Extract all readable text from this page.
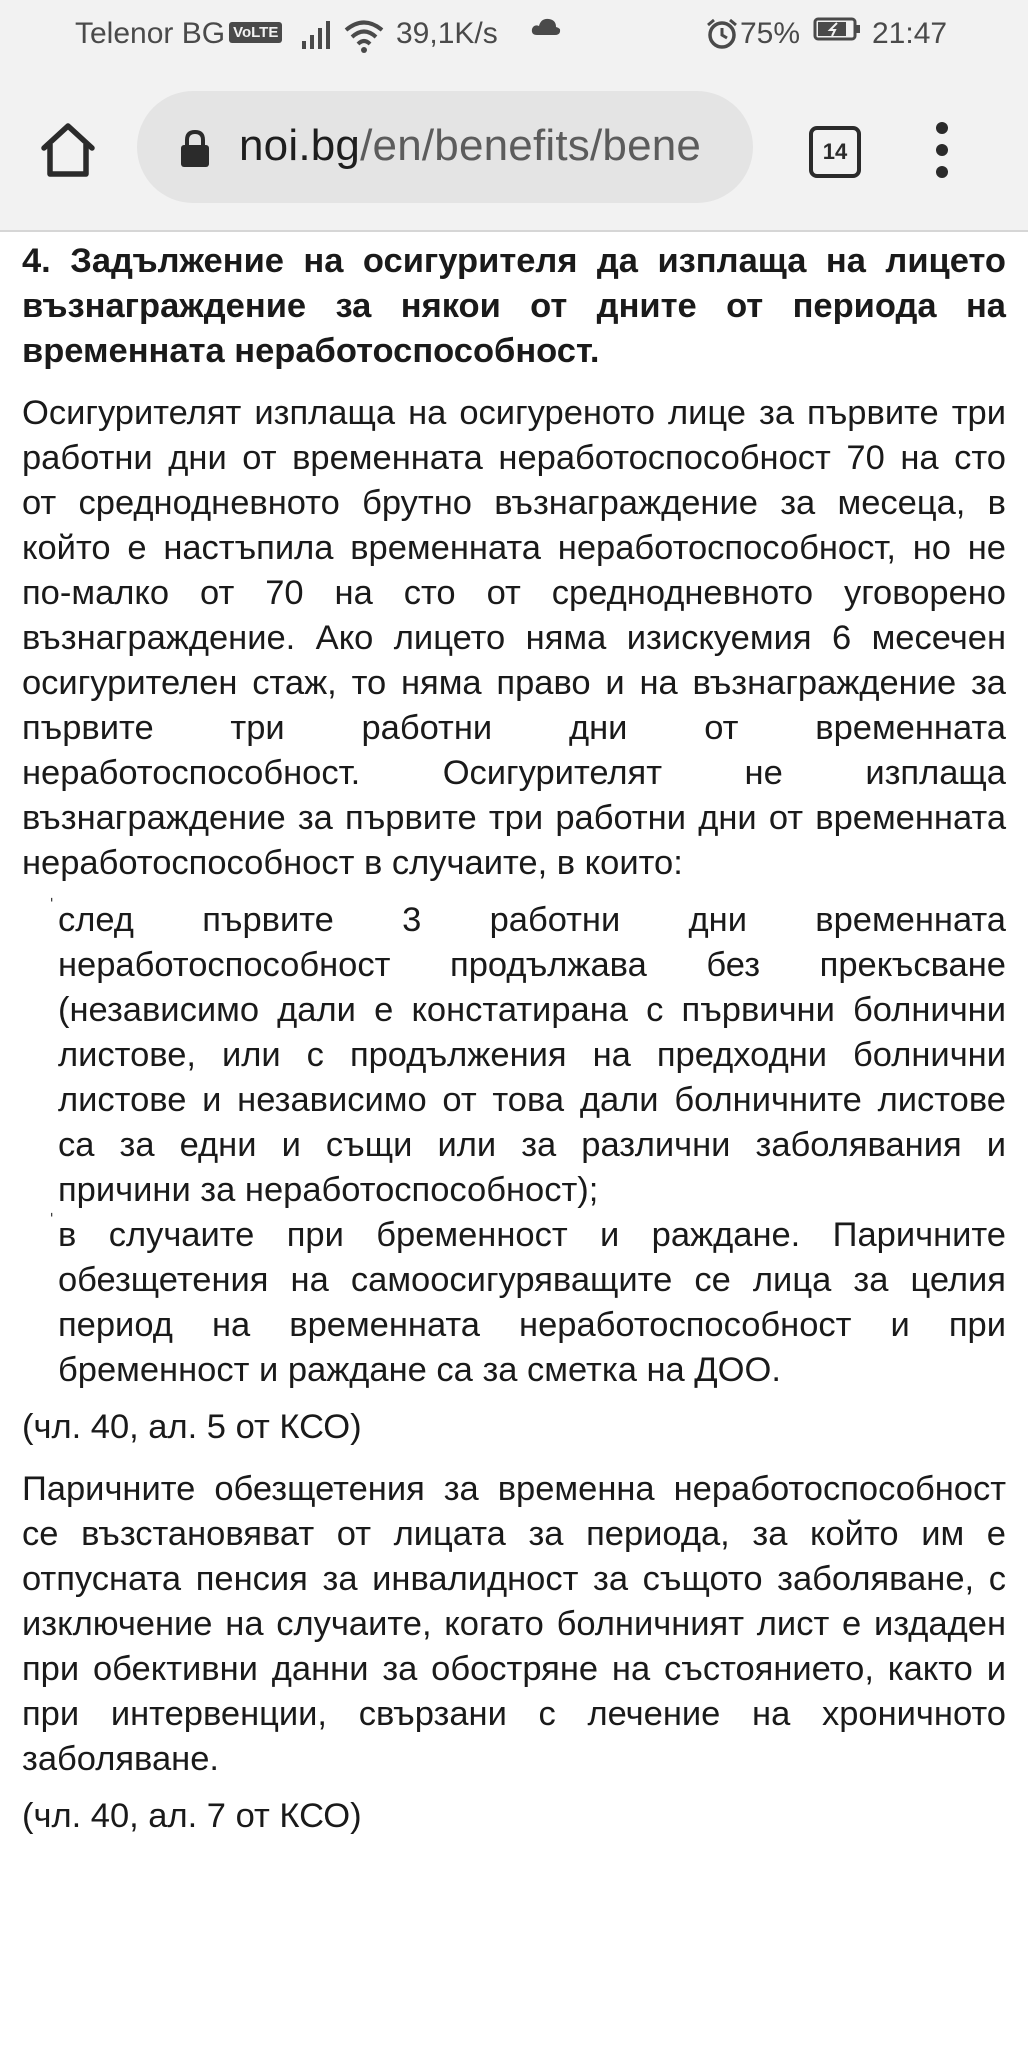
Telenor BG VoLTE	39,1K/s	75% 21:47
noi.bg/en/benefits/bene	14

4. Задължение на осигурителя да изплаща на лицето възнаграждение за някои от дните от периода на временната неработоспособност.

Осигурителят изплаща на осигуреното лице за първите три работни дни от временната неработоспособност 70 на сто от среднодневното брутно възнаграждение за месеца, в който е настъпила временната неработоспособност, но не по-малко от 70 на сто от среднодневното уговорено възнаграждение. Ако лицето няма изискуемия 6 месечен осигурителен стаж, то няма право и на възнаграждение за първите три работни дни от временната неработоспособност. Осигурителят не изплаща възнаграждение за първите три работни дни от временната неработоспособност в случаите, в които:

ˈ след първите 3 работни дни временната неработоспособност продължава без прекъсване (независимо дали е констатирана с първични болнични листове, или с продължения на предходни болнични листове и независимо от това дали болничните листове са за едни и същи или за различни заболявания и причини за неработоспособност);
ˈ в случаите при бременност и раждане. Паричните обезщетения на самоосигуряващите се лица за целия период на временната неработоспособност и при бременност и раждане са за сметка на ДОО.

(чл. 40, ал. 5 от КСО)

Паричните обезщетения за временна неработоспособност се възстановяват от лицата за периода, за който им е отпусната пенсия за инвалидност за същото заболяване, с изключение на случаите, когато болничният лист е издаден при обективни данни за обостряне на състоянието, както и при интервенции, свързани с лечение на хроничното заболяване.

(чл. 40, ал. 7 от КСО)
